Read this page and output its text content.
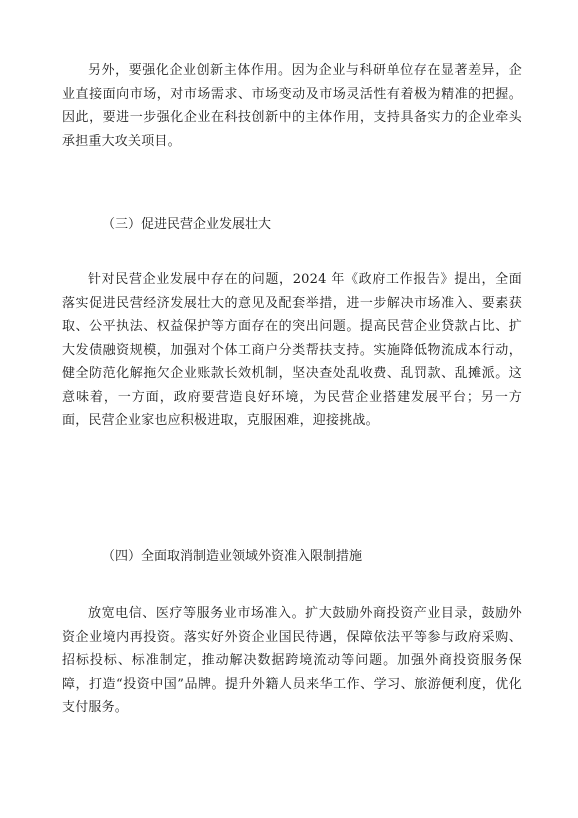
另外，要强化企业创新主体作用。因为企业与科研单位存在显著差异，企业直接面向市场，对市场需求、市场变动及市场灵活性有着极为精准的把握。因此，要进一步强化企业在科技创新中的主体作用，支持具备实力的企业牵头承担重大攻关项目。

（三）促进民营企业发展壮大

针对民营企业发展中存在的问题，2024 年《政府工作报告》提出，全面落实促进民营经济发展壮大的意见及配套举措，进一步解决市场准入、要素获取、公平执法、权益保护等方面存在的突出问题。提高民营企业贷款占比、扩大发债融资规模，加强对个体工商户分类帮扶支持。实施降低物流成本行动，健全防范化解拖欠企业账款长效机制，坚决查处乱收费、乱罚款、乱摊派。这意味着，一方面，政府要营造良好环境，为民营企业搭建发展平台；另一方面，民营企业家也应积极进取，克服困难，迎接挑战。

（四）全面取消制造业领域外资准入限制措施

放宽电信、医疗等服务业市场准入。扩大鼓励外商投资产业目录，鼓励外资企业境内再投资。落实好外资企业国民待遇，保障依法平等参与政府采购、招标投标、标准制定，推动解决数据跨境流动等问题。加强外商投资服务保障，打造“投资中国”品牌。提升外籍人员来华工作、学习、旅游便利度，优化支付服务。
